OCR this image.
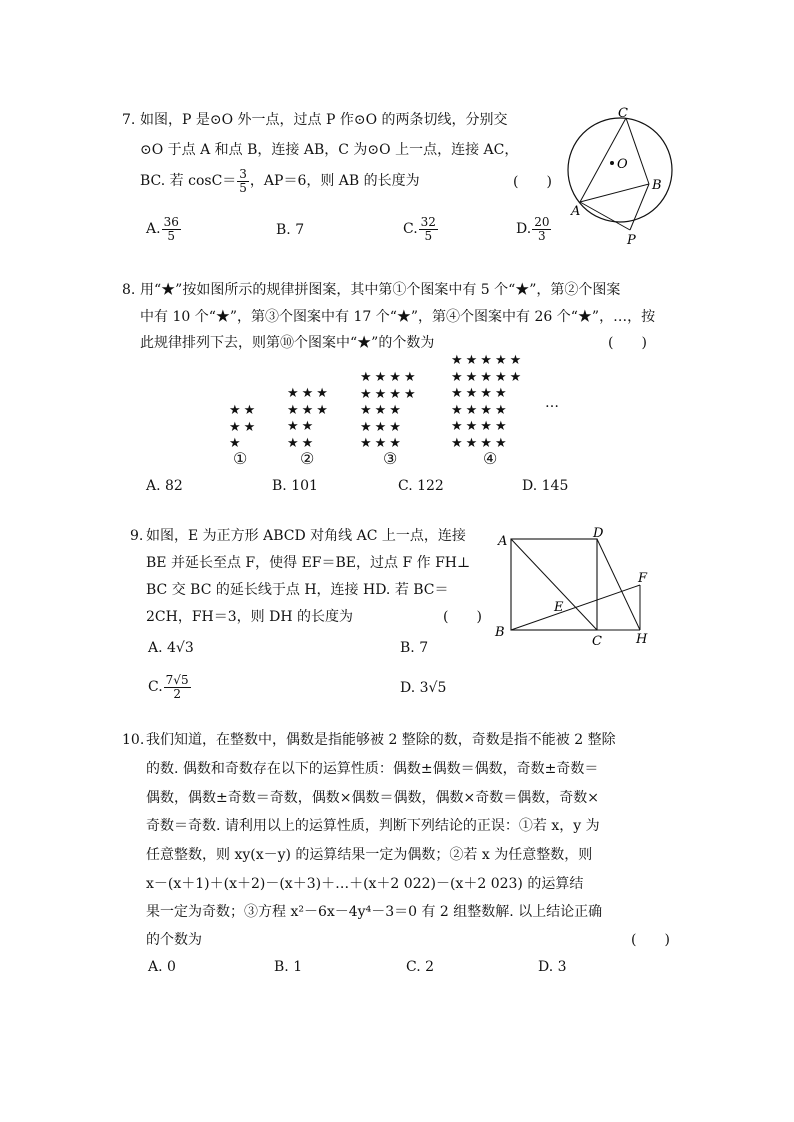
7. 如图，P 是⊙O 外一点，过点 P 作⊙O 的两条切线，分别交
⊙O 于点 A 和点 B，连接 AB，C 为⊙O 上一点，连接 AC，
BC. 若 $\cos C= \frac{3}{5}$ ，AP＝6，则 AB 的长度为	(　　)
A. $\frac{36}{5}$	B. 7	C. $\frac{32}{5}$	D. $\frac{20}{3}$
C
O
B
A
P
8. 用“★”按如图所示的规律拼图案，其中第①个图案中有 5 个“★”，第②个图案
中有 10 个“★”，第③个图案中有 17 个“★”，第④个图案中有 26 个“★”，…，按
此规律排列下去，则第⑩个图案中“★”的个数为	(　　)
★★
★★
★
★★★
★★★
★★
★★
★★★★
★★★★
★★★
★★★
★★★
★★★★★
★★★★★
★★★★
★★★★
★★★★
★★★★
…
①	②	③	④
A. 82	B. 101	C. 122	D. 145
9. 如图，E 为正方形 ABCD 对角线 AC 上一点，连接
BE 并延长至点 F，使得 EF＝BE，过点 F 作 FH⊥
BC 交 BC 的延长线于点 H，连接 HD. 若 BC＝
2CH，FH＝3，则 DH 的长度为	(　　)
A. 4√3	B. 7
C. $\frac{7√5}{2}$	D. 3√5
A
D
F
E
B
C	H
10. 我们知道，在整数中，偶数是指能够被 2 整除的数，奇数是指不能被 2 整除
的数. 偶数和奇数存在以下的运算性质：偶数±偶数＝偶数，奇数±奇数＝
偶数，偶数±奇数＝奇数，偶数×偶数＝偶数，偶数×奇数＝偶数，奇数×
奇数＝奇数. 请利用以上的运算性质，判断下列结论的正误：①若 x，y 为
任意整数，则 xy(x－y) 的运算结果一定为偶数；②若 x 为任意整数，则
x－(x＋1)＋(x＋2)－(x＋3)＋…＋(x＋2 022)－(x＋2 023) 的运算结
果一定为奇数；③方程 x²－6x－4y⁴－3＝0 有 2 组整数解. 以上结论正确
的个数为	(　　)
A. 0	B. 1	C. 2	D. 3
